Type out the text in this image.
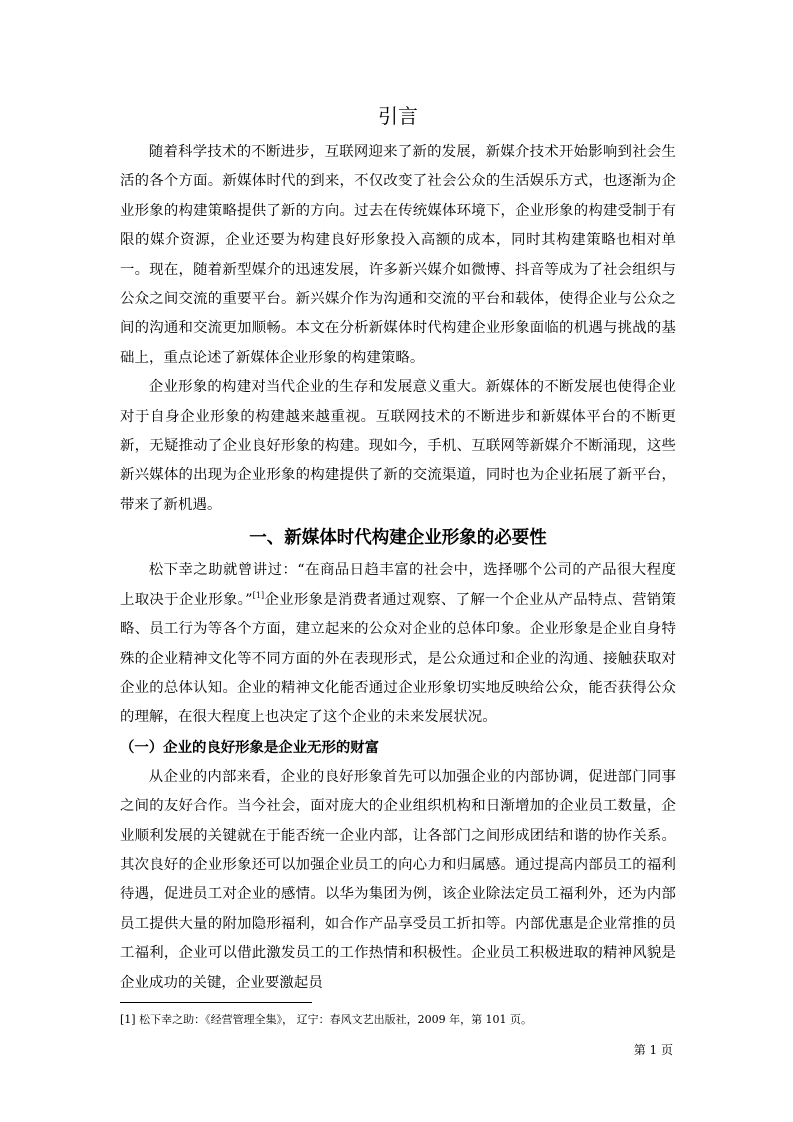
引言

随着科学技术的不断进步，互联网迎来了新的发展，新媒介技术开始影响到社会生活的各个方面。新媒体时代的到来，不仅改变了社会公众的生活娱乐方式，也逐渐为企业形象的构建策略提供了新的方向。过去在传统媒体环境下，企业形象的构建受制于有限的媒介资源，企业还要为构建良好形象投入高额的成本，同时其构建策略也相对单一。现在，随着新型媒介的迅速发展，许多新兴媒介如微博、抖音等成为了社会组织与公众之间交流的重要平台。新兴媒介作为沟通和交流的平台和载体，使得企业与公众之间的沟通和交流更加顺畅。本文在分析新媒体时代构建企业形象面临的机遇与挑战的基础上，重点论述了新媒体企业形象的构建策略。

企业形象的构建对当代企业的生存和发展意义重大。新媒体的不断发展也使得企业对于自身企业形象的构建越来越重视。互联网技术的不断进步和新媒体平台的不断更新，无疑推动了企业良好形象的构建。现如今，手机、互联网等新媒介不断涌现，这些新兴媒体的出现为企业形象的构建提供了新的交流渠道，同时也为企业拓展了新平台，带来了新机遇。

一、新媒体时代构建企业形象的必要性

松下幸之助就曾讲过：“在商品日趋丰富的社会中，选择哪个公司的产品很大程度上取决于企业形象。”[1]企业形象是消费者通过观察、了解一个企业从产品特点、营销策略、员工行为等各个方面，建立起来的公众对企业的总体印象。企业形象是企业自身特殊的企业精神文化等不同方面的外在表现形式，是公众通过和企业的沟通、接触获取对企业的总体认知。企业的精神文化能否通过企业形象切实地反映给公众，能否获得公众的理解，在很大程度上也决定了这个企业的未来发展状况。

（一）企业的良好形象是企业无形的财富

从企业的内部来看，企业的良好形象首先可以加强企业的内部协调，促进部门同事之间的友好合作。当今社会，面对庞大的企业组织机构和日渐增加的企业员工数量，企业顺利发展的关键就在于能否统一企业内部，让各部门之间形成团结和谐的协作关系。其次良好的企业形象还可以加强企业员工的向心力和归属感。通过提高内部员工的福利待遇，促进员工对企业的感情。以华为集团为例，该企业除法定员工福利外，还为内部员工提供大量的附加隐形福利，如合作产品享受员工折扣等。内部优惠是企业常推的员工福利，企业可以借此激发员工的工作热情和积极性。企业员工积极进取的精神风貌是企业成功的关键，企业要激起员

[1] 松下幸之助：《经营管理全集》， 辽宁：春风文艺出版社，2009 年，第 101 页。

第 1 页
